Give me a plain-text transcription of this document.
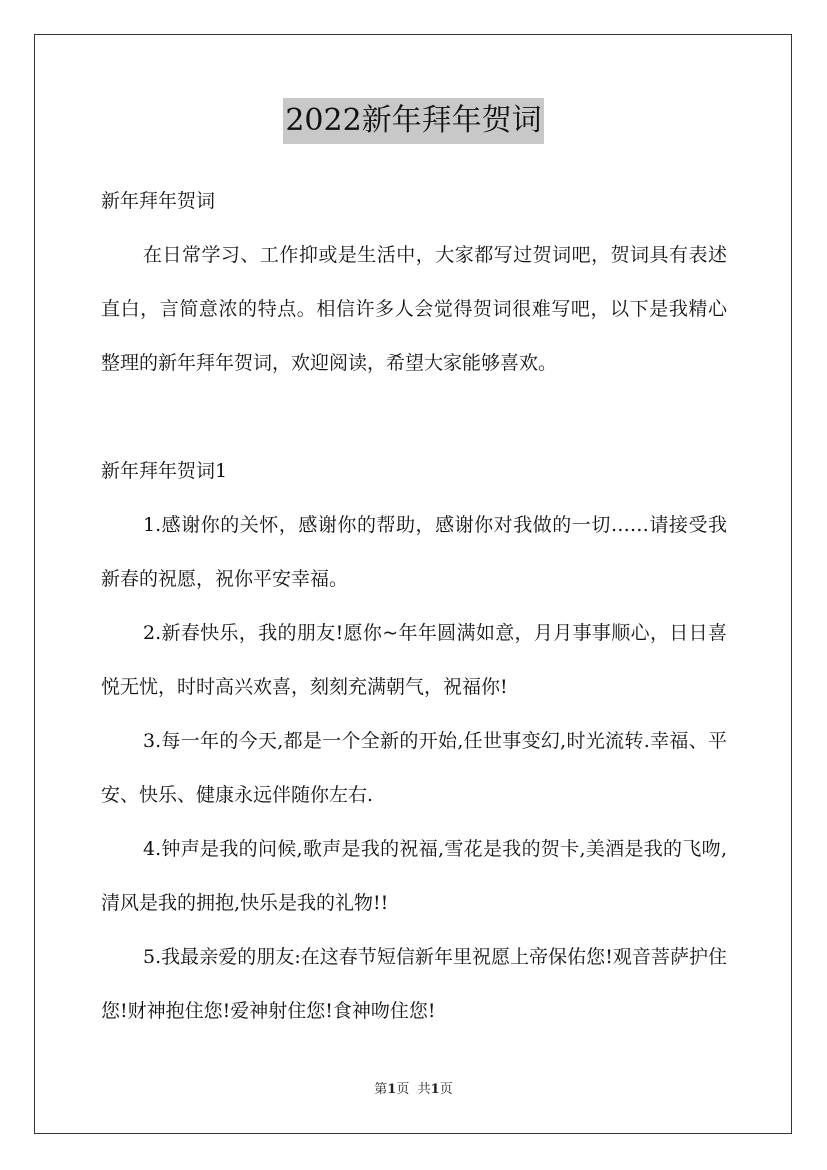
2022新年拜年贺词

新年拜年贺词

在日常学习、工作抑或是生活中，大家都写过贺词吧，贺词具有表述直白，言简意浓的特点。相信许多人会觉得贺词很难写吧，以下是我精心整理的新年拜年贺词，欢迎阅读，希望大家能够喜欢。

新年拜年贺词1

1.感谢你的关怀，感谢你的帮助，感谢你对我做的一切……请接受我新春的祝愿，祝你平安幸福。

2.新春快乐，我的朋友!愿你~年年圆满如意，月月事事顺心，日日喜悦无忧，时时高兴欢喜，刻刻充满朝气，祝福你!

3.每一年的今天,都是一个全新的开始,任世事变幻,时光流转.幸福、平安、快乐、健康永远伴随你左右.

4.钟声是我的问候,歌声是我的祝福,雪花是我的贺卡,美酒是我的飞吻,清风是我的拥抱,快乐是我的礼物!!

5.我最亲爱的朋友:在这春节短信新年里祝愿上帝保佑您!观音菩萨护住您!财神抱住您!爱神射住您!食神吻住您!

第1页 共1页
